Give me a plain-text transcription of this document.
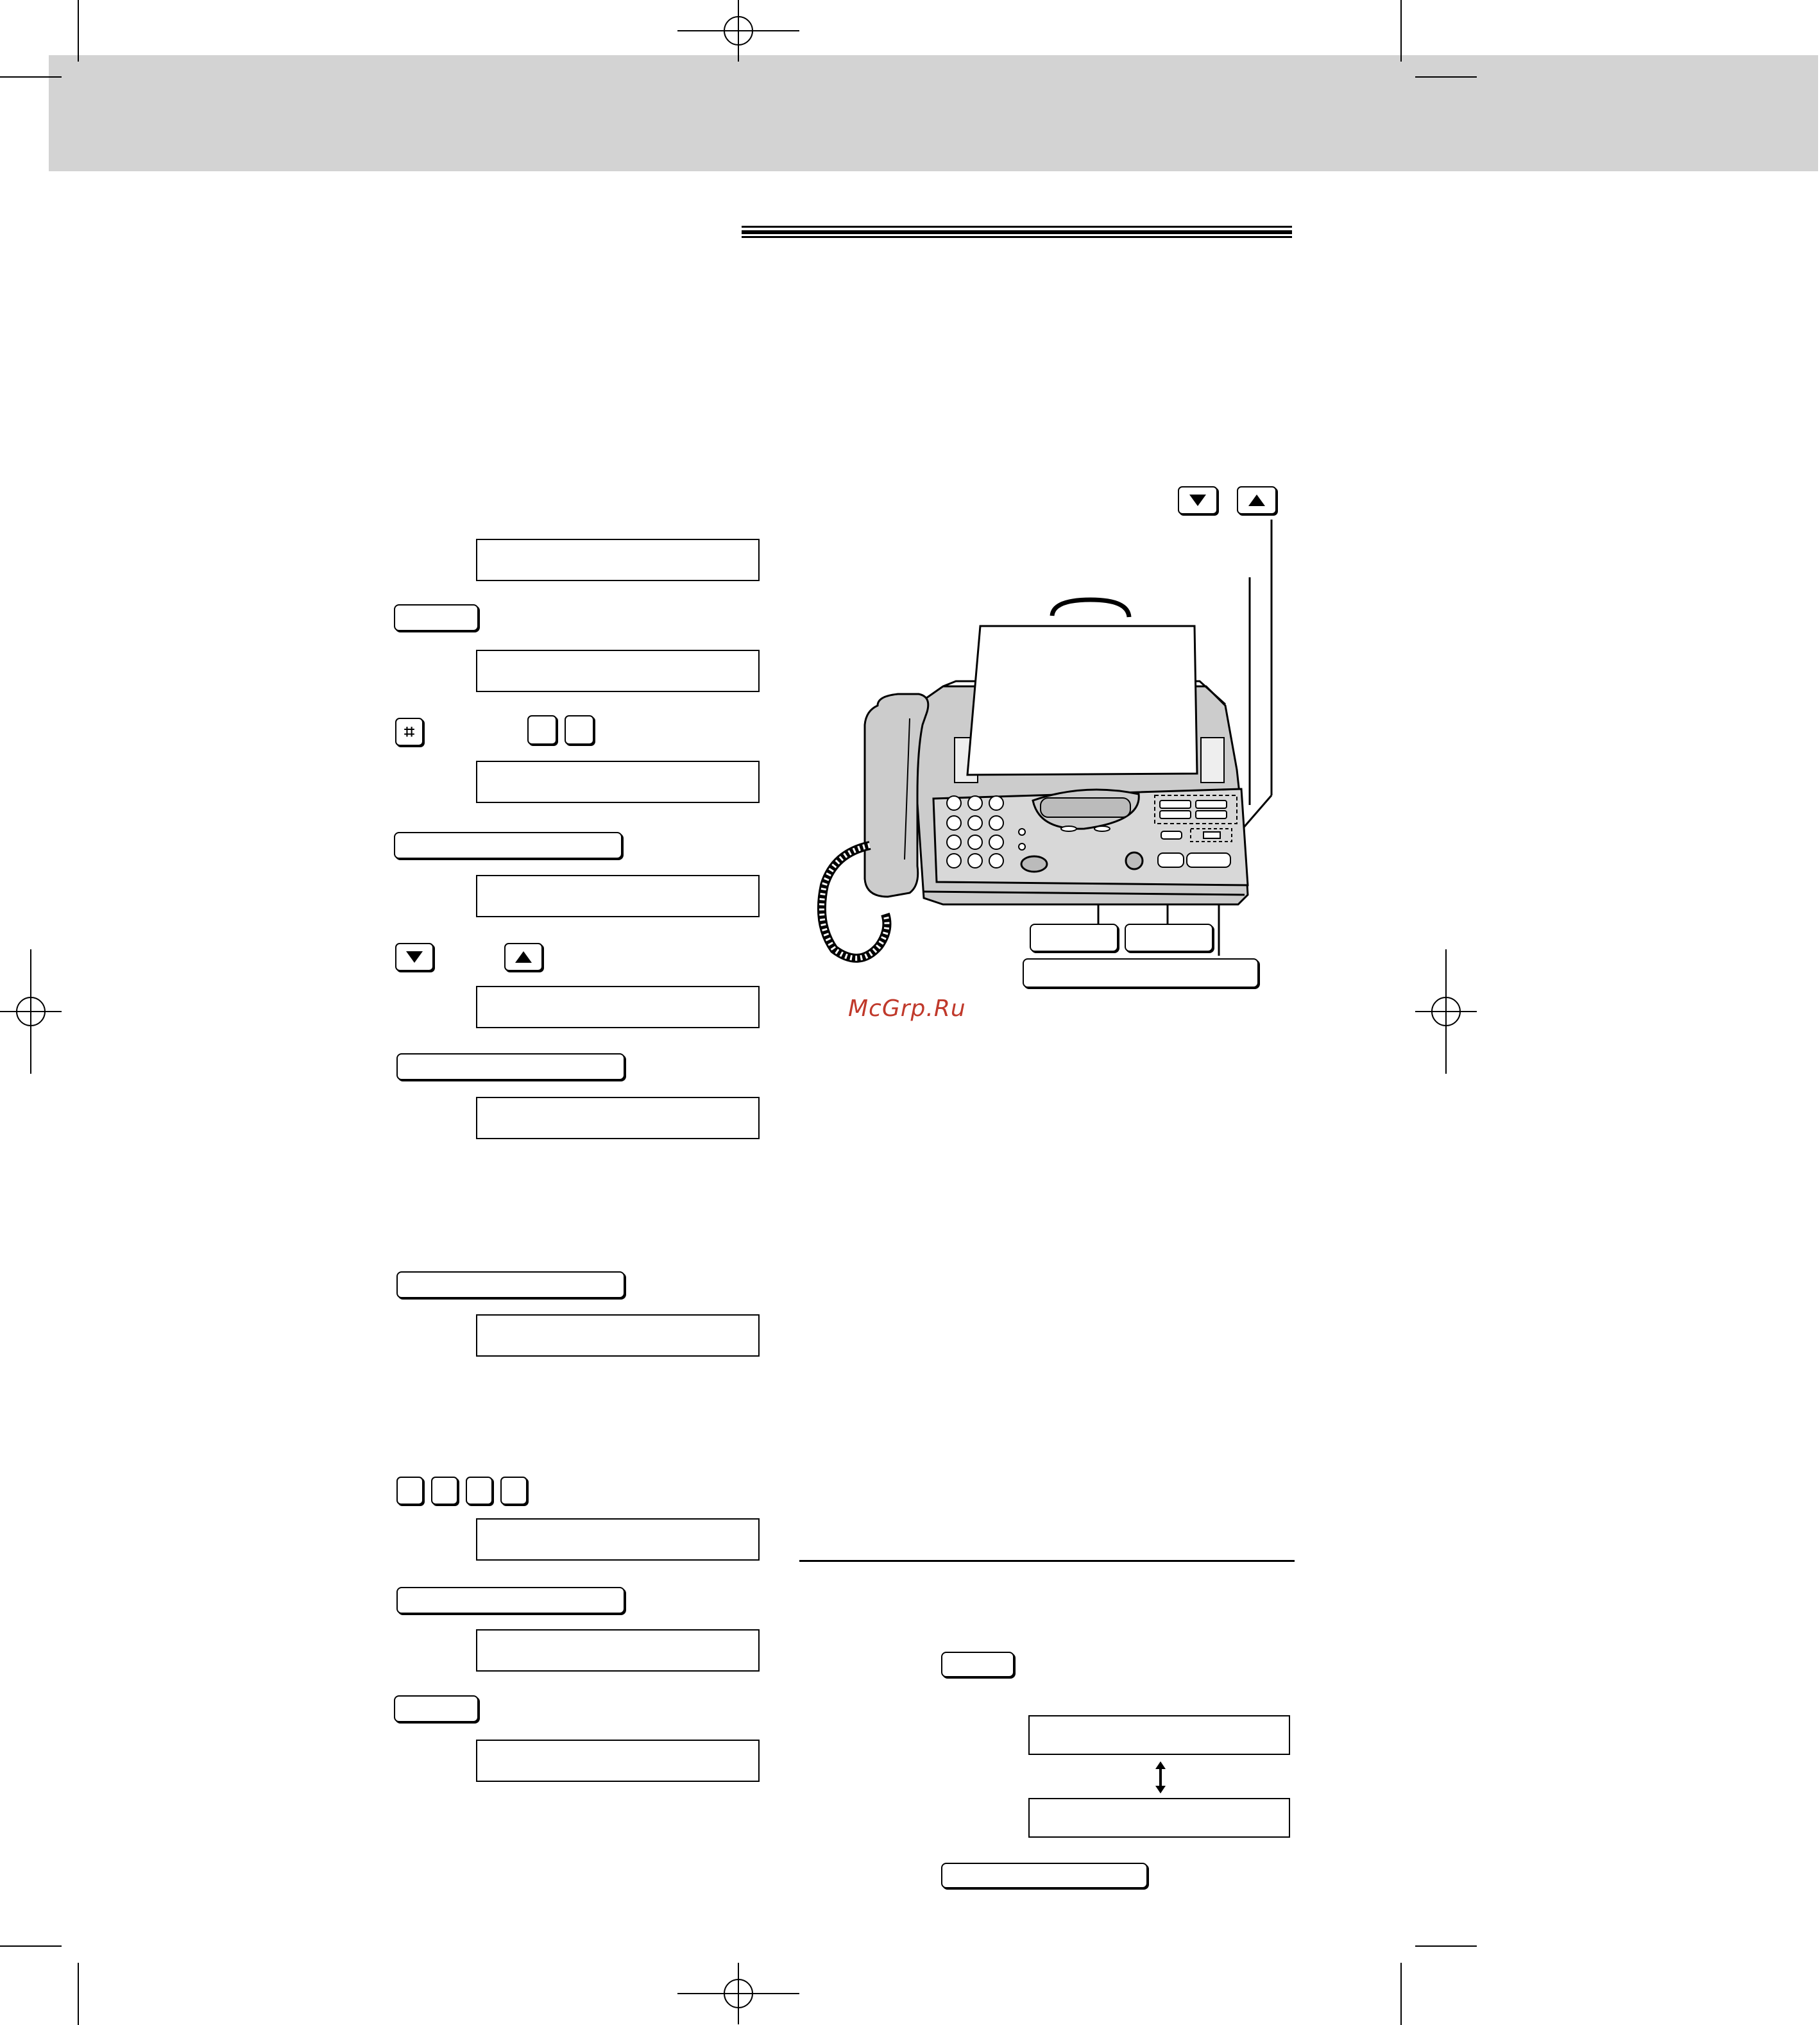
⌗
McGrp.Ru
